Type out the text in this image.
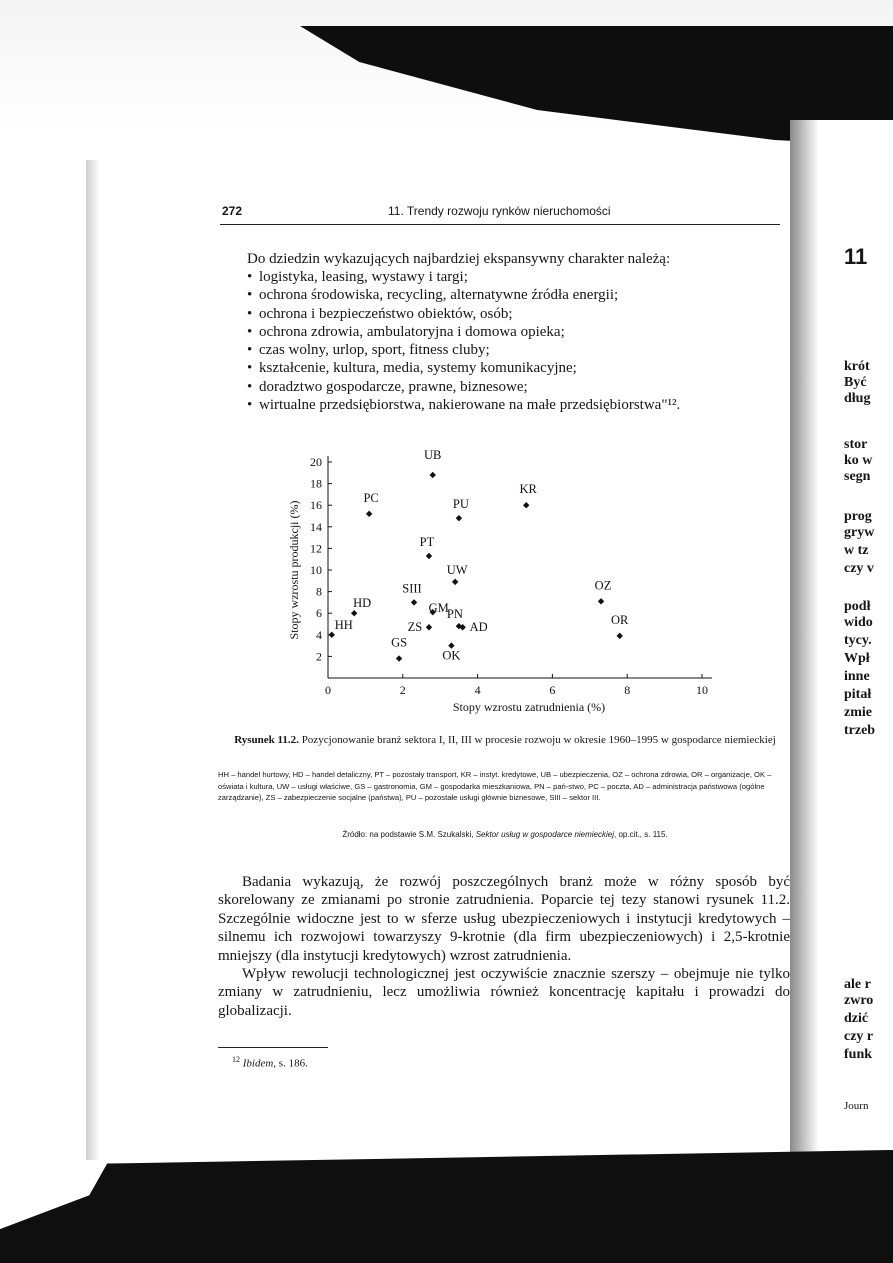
272	11. Trendy rozwoju rynków nieruchomości
Do dziedzin wykazujących najbardziej ekspansywny charakter należą:
• logistyka, leasing, wystawy i targi;
• ochrona środowiska, recycling, alternatywne źródła energii;
• ochrona i bezpieczeństwo obiektów, osób;
• ochrona zdrowia, ambulatoryjna i domowa opieka;
• czas wolny, urlop, sport, fitness cluby;
• kształcenie, kultura, media, systemy komunikacyjne;
• doradztwo gospodarcze, prawne, biznesowe;
• wirtualne przedsiębiorstwa, nakierowane na małe przedsiębiorstwa"¹².
0	2	4	6	8	10
2
4
6
8
10
12
14
16
18
20
Stopy wzrostu zatrudnienia (%)
Stopy wzrostu produkcji (%)
UB
KR
PC	PU
PT
UW
SIII	OZ
HD	GM
PN
AD
ZS
HH	OR
GS
OK
Rysunek 11.2. Pozycjonowanie branż sektora I, II, III w procesie rozwoju w okresie 1960–1995 w gospodarce niemieckiej
HH – handel hurtowy, HD – handel detaliczny, PT – pozostały transport, KR – instyt. kredytowe, UB – ubezpieczenia, OZ – ochrona zdrowia, OR – organizacje, OK – oświata i kultura, UW – usługi właściwe, GS – gastronomia, GM – gospodarka mieszkaniowa, PN – pań-stwo, PC – poczta, AD – administracja państwowa (ogólne zarządzanie), ZS – zabezpieczenie socjalne (państwa), PU – pozostałe usługi głównie biznesowe, SIII – sektor III.
Źródło: na podstawie S.M. Szukalski, Sektor usług w gospodarce niemieckiej, op.cit., s. 115.

Badania wykazują, że rozwój poszczególnych branż może w różny sposób być skorelowany ze zmianami po stronie zatrudnienia. Poparcie tej tezy stanowi rysunek 11.2. Szczególnie widoczne jest to w sferze usług ubezpieczeniowych i instytucji kredytowych – silnemu ich rozwojowi towarzyszy 9-krotnie (dla firm ubezpieczeniowych) i 2,5-krotnie mniejszy (dla instytucji kredytowych) wzrost zatrudnienia.

Wpływ rewolucji technologicznej jest oczywiście znacznie szerszy – obejmuje nie tylko zmiany w zatrudnieniu, lecz umożliwia również koncentrację kapitału i prowadzi do globalizacji.

$^{12}$ Ibidem, s. 186.
11
krót
Być
dług
stor
ko w
segn
prog
gryw
w tz
czy v
podł
wido
tycy.
Wpł
inne
pitał
zmie
trzeb
ale r
zwro
dzić
czy r
funk
Journ
